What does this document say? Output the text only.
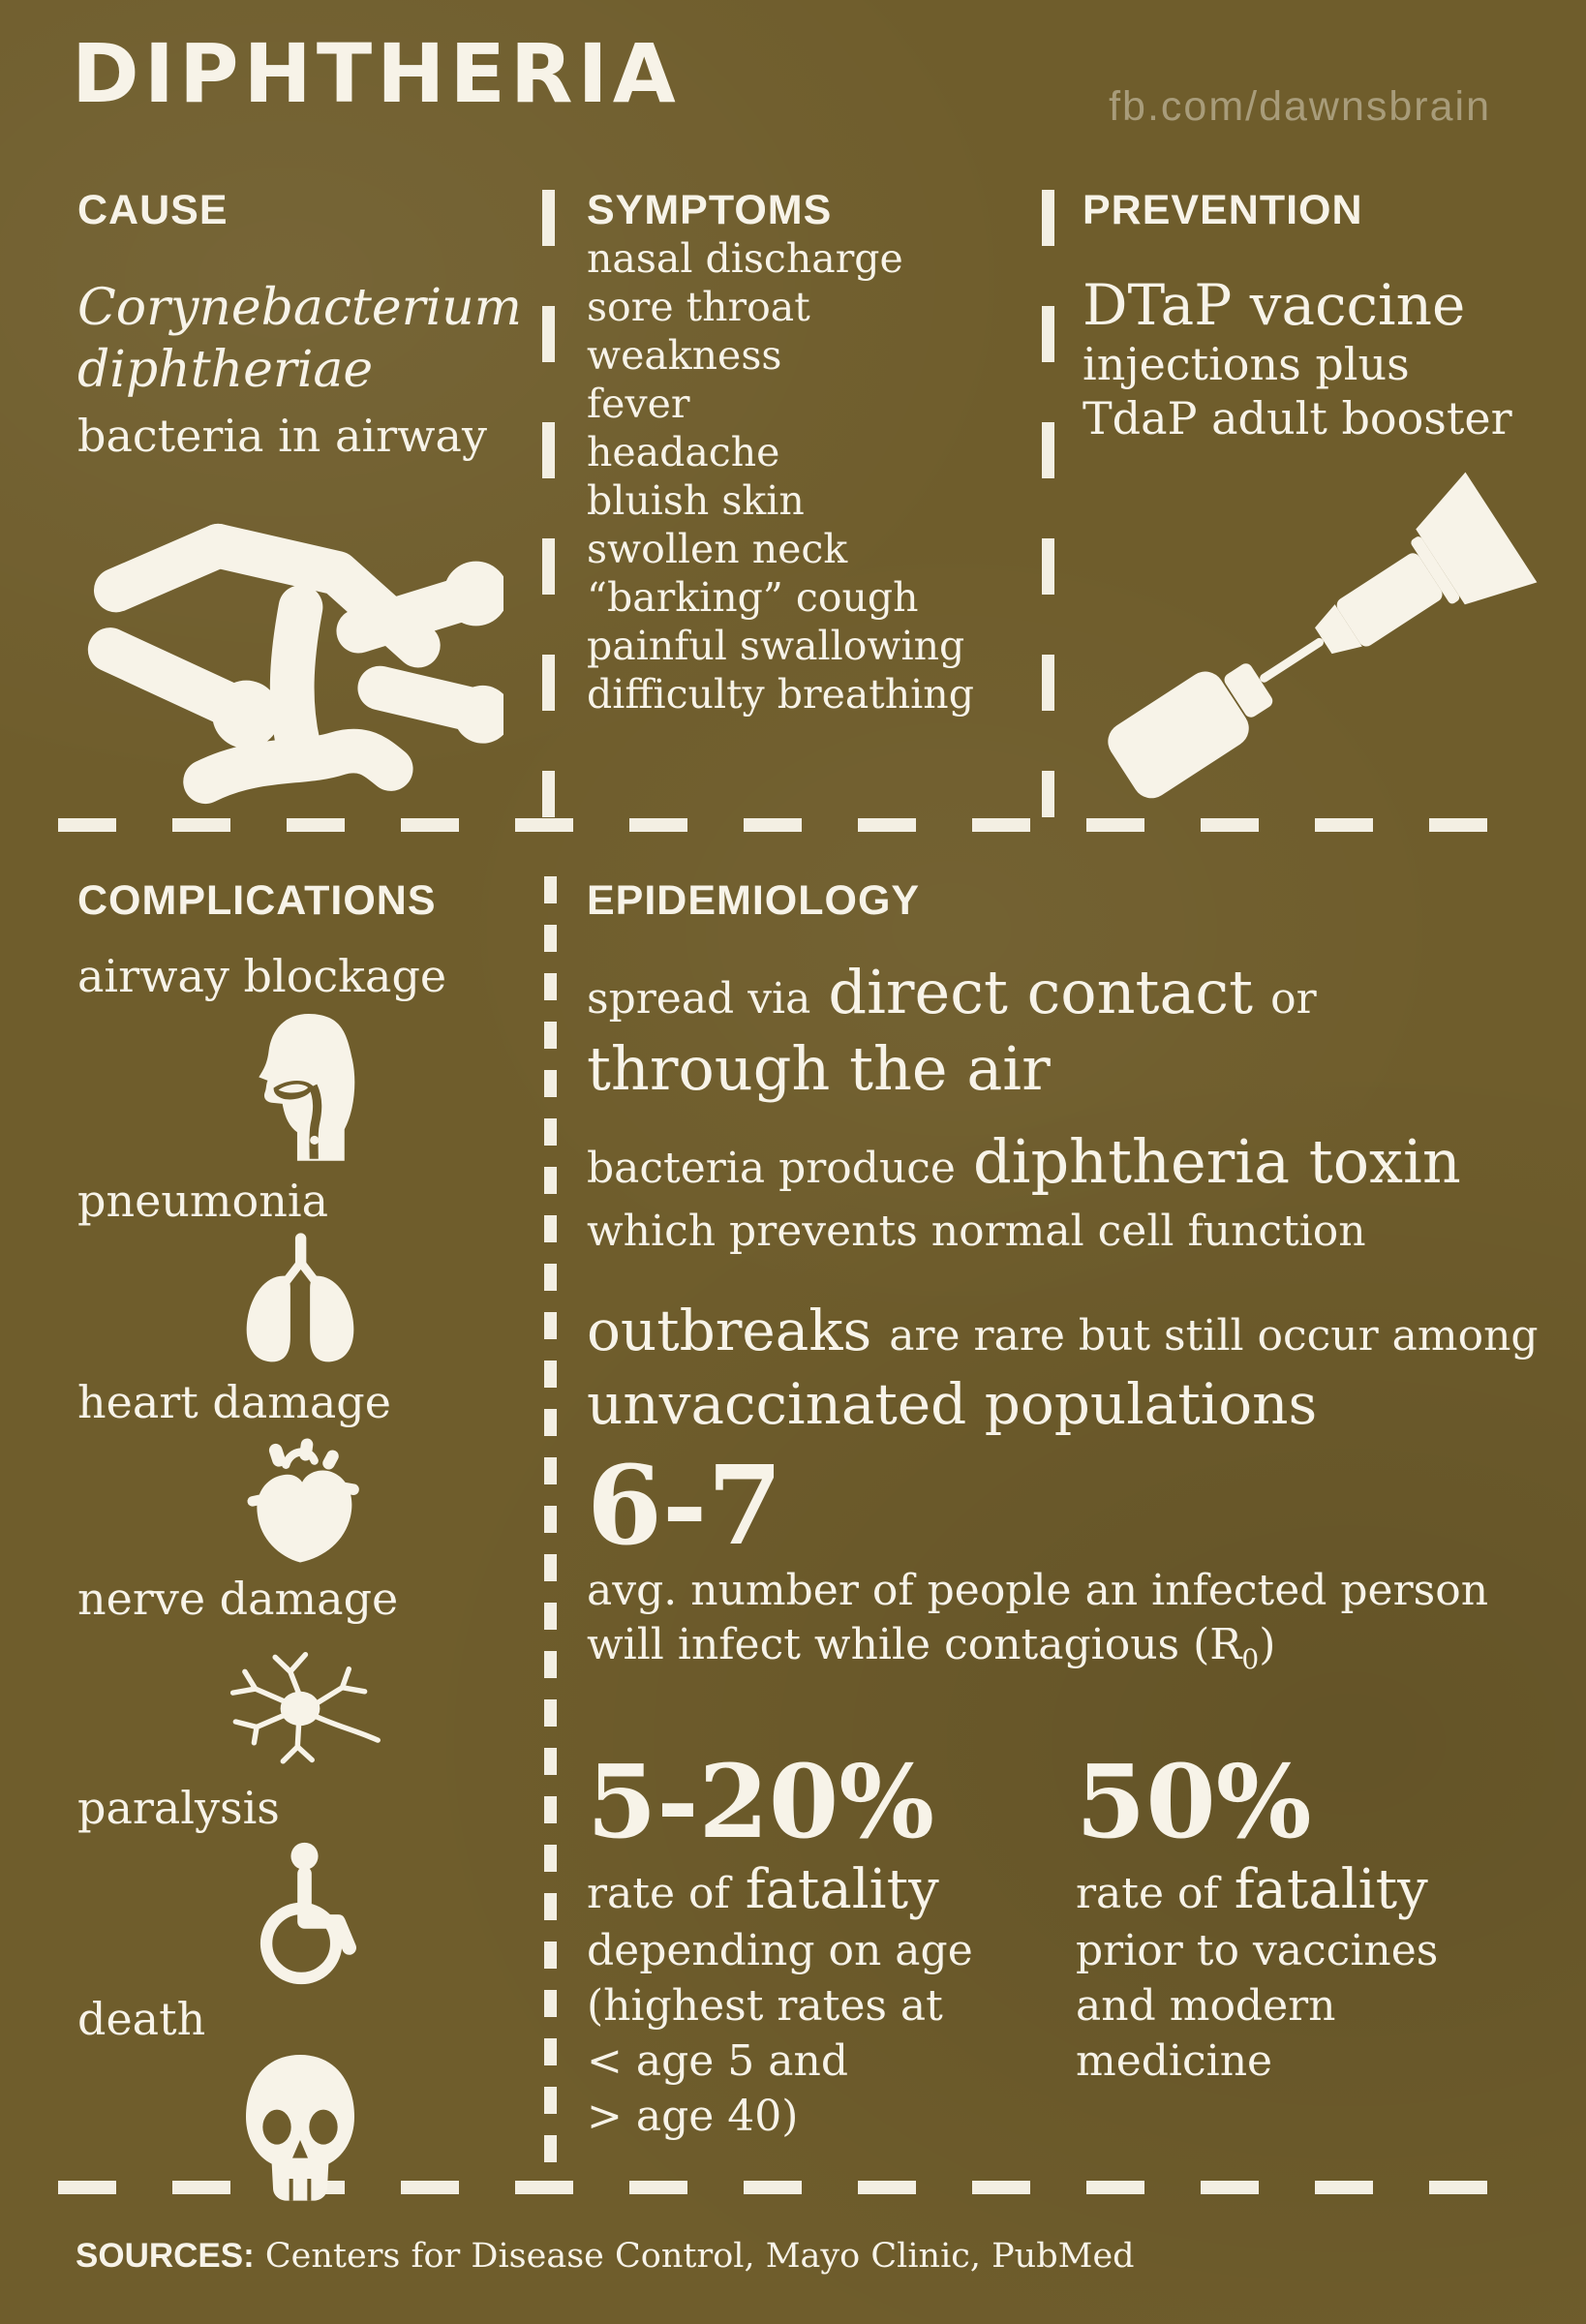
DIPHTHERIA	fb.com/dawnsbrain
CAUSE
Corynebacterium
diphtheriae
bacteria in airway
SYMPTOMS
nasal discharge
sore throat
weakness
fever
headache
bluish skin
swollen neck
“barking” cough
painful swallowing
difficulty breathing
PREVENTION
DTaP vaccine
injections plus
TdaP adult booster
COMPLICATIONS
airway blockage
pneumonia
heart damage
nerve damage
paralysis
death
EPIDEMIOLOGY
spread via direct contact or
through the air
bacteria produce diphtheria toxin
which prevents normal cell function
outbreaks are rare but still occur among
unvaccinated populations
6-7
avg. number of people an infected person
will infect while contagious $(R_0)$
5-20%
rate of fatality
depending on age
(highest rates at
< age 5 and
> age 40)
50%
rate of fatality
prior to vaccines
and modern
medicine
SOURCES: Centers for Disease Control, Mayo Clinic, PubMed
